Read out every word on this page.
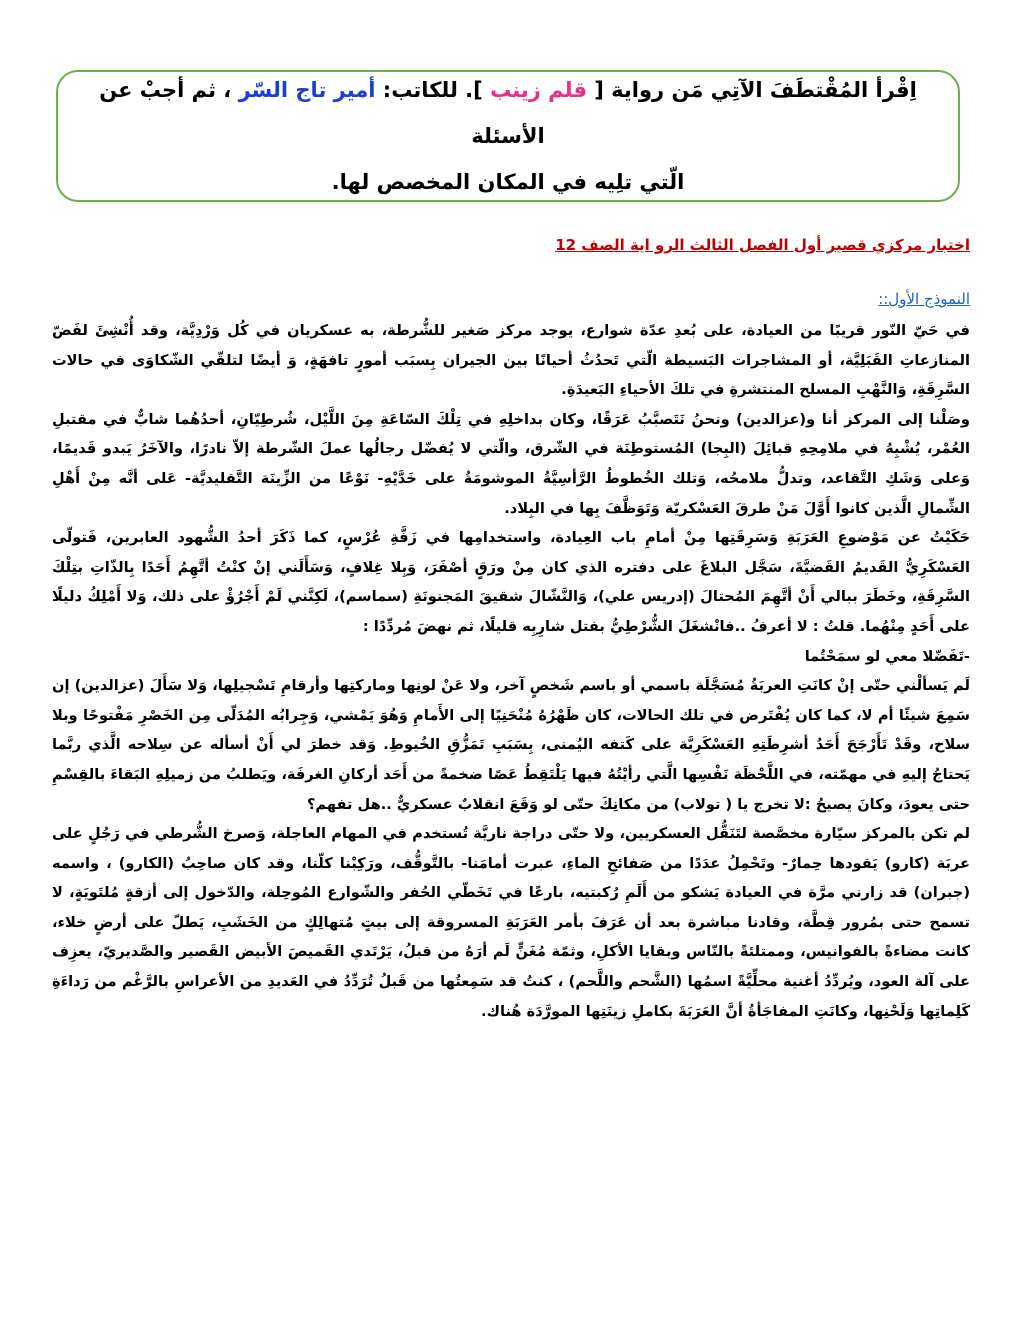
اِقْرأ المُقْتطَفَ الآتِي مَن رواية [ قلم زينب ]. للكاتب: أمير تاج السّر ، ثم أجبْ عن الأسئلة
الّتي تلِيه في المكان المخصص لها.
اختبار مركزي قصير أول الفصل الثالث الرو اية الصف 12
النموذج الأول::

في حَيّ النّور قريبًا من العيادة، على بُعدِ عدّة شوارع، يوجد مركز صَغير للشُّرطة، به عسكريان في كُل وَرْدِيَّة، وقد أُنْشِئَ لفَضّ المنازعاتِ القَبَلِيَّة، أو المشاجرات البَسيطة الّتي تَحدُثُ أحيانًا بين الجيران بِسبَب أمورٍ تافهَةٍ، وَ أيضًا لتلقّي الشّكاوَى في حالات السَّرِقَةِ، وَالنَّهْبِ المسلح المنتشرةِ في تلكَ الأحياءِ البَعيدَةِ.

وصَلْنا إلى المركز أنا و(عزالدين) ونحنُ نَتَصبَّبُ عَرَقًا، وكان بداخلِهِ في تِلْكَ السّاعَةِ مِنَ اللَّيْل، شُرطِيّانِ، أحدُهُما شابٌّ في مقتبلِ العُمْر، يُشْبِهُ في ملامِحِهِ قبائِلَ (البِجا) المُستوطِنَة في الشّرق، والّتي لا يُفضّل رجالُها عملَ الشّرطة إلاّ نادرًا، والآخَرُ يَبدو قَديمًا، وَعلى وَشَكِ التَّقاعد، وتدلُّ ملامحُه، وَتلك الخُطوطُ الرَّأسِيَّةُ الموشومَةُ على خَدَّيْهِ- نَوْعًا من الزِّينَة التَّقليديَّة- عَلى أنَّه مِنْ أَهْلِ الشِّمالِ الَّذين كانوا أَوَّلَ مَنْ طرقَ العَسْكريّة وَتَوَظَّفَ بِها في البِلاد.

حَكَيْتُ عن مَوْضوعِ العَرَبَةِ وَسَرِقَتِها مِنْ أمامِ باب العِيادة، واستخدامِها في زَفَّةِ عُرْسٍ، كما ذَكَرَ أحدُ الشُّهود العابرين، فَتولّى العَسْكَرِيُّ القَديمُ القَضيَّةَ، سَجَّل البلاغَ على دفتره الذي كان مِنْ ورَقٍ أصْفَرَ، وَبِلا غِلافٍ، وَسَأَلَني إنْ كنْتُ أتَّهِمُ أَحَدًا بِالذّاتِ بتِلْكَ السَّرِقَةِ، وخَطَرَ ببالي أَنْ أتَّهِمَ المُحتالَ (إدريس علي)، وَالنَّشّالَ شقيقَ المَجنونَةِ (سماسم)، لَكِنَّني لَمْ أَجْرُؤْ على ذلك، وَلا أَمْلِكُ دليلًا على أَحَدٍ مِنْهُما. قلتُ : لا أعرفُ ..فانْشغَلَ الشُّرْطِيُّ بفتل شارِبِه قليلًا، ثم نهضَ مُردِّدًا :

-تَفَضّلا معي لو سمَحْتُما

لَم يَسألْني حتّى إنْ كانَتِ العربَةُ مُسَجَّلَة باسمي أو باسم شَخصٍ آخر، ولا عَنْ لونِها وماركتِها وأرقامِ تَسْجيلِها، وَلا سَأَلَ (عزالدين) إن سَمِعَ شيئًا أم لا، كما كان يُفْتَرض في تلك الحالات، كان ظَهْرُهُ مُنْحَنِيًا إلى الأَمامِ وَهُوَ يَمْشي، وَجِرابُه المُدَلّى مِن الخَصْرِ مَفْتوحًا وبلا سلاح، وقَدْ تَأَرْجَحَ أَحَدُ أشرِطَتِهِ العَسْكَرِيَّة على كَتفه اليُمنى، بِسَبَبِ تَمَزُّقِ الخُيوطِ. وَقد خطرَ لي أَنْ أسأله عن سِلاحه الَّذي ربَّما يَحتاجُ إليهِ في مهمّته، في اللَّحْظَة نَفْسِها الَّتي رأيْتُهُ فيها يَلْتَقِطُ عَصًا ضخمةً من أَحَد أركانِ الغرفَة، ويَطلبُ من زميلِهِ البَقاءَ بالقِسْمِ حتى يعودَ، وكانَ يصيحُ :لا تخرج يا ( تولاب) من مكانِكَ حتّى لو وَقَعَ انقلابٌ عسكريٌّ ..هل تفهم؟

لم تكن بالمركز سيّارة مخصَّصة لتَنَقُّل العسكريين، ولا حتّى دراجة ناريَّة تُستخدم في المهام العاجلة، وَصرخ الشُّرطي في رَجُلٍ على عربَة (كارو) يَقودها حِمارٌ- وتَحْمِلُ عدَدًا من صَفائحِ الماءِ، عبرت أمامَنا- بالتَّوقُّف، ورَكِبْنا كلّنا، وقد كان صاحِبُ (الكارو) ، واسمه (جبران) قد زارني مرَّة في العيادة يَشكو من أَلَمِ رُكبتيه، بارعًا في تَخَطّي الحُفر والشّوارع المُوحِلة، والدّخول إلى أزقةٍ مُلتَويَةٍ، لا تسمح حتى بمُرور قِطَّة، وقادنا مباشرة بعد أن عَرَفَ بأمر العَرَبَةِ المسروقة إلى بيتٍ مُتهالِكٍ من الخَشَبِ، يَطلّ على أرضٍ خلاء، كانت مضاءةً بالفوانيس، وممتلئةً بالنّاس وبقايا الأكلِ، وثمّة مُغَنٍّ لَم أرَهُ من قبلُ، يَرْتَدي القَميصَ الأبيض القَصير والصَّديريّ، يعزِف على آلة العود، ويُردِّدُ أغنية محلِّيَّةً اسمُها (الشَّحم واللَّحم) ، كنتُ قد سَمِعتُها من قَبلُ تُرَدِّدُ في العَديدِ من الأعراسِ بالرَّغْم من رَداءَةِ كَلِماتِها وَلَحْنِها، وكانَتِ المفاجَأةُ أنَّ العَرَبَةَ بكاملِ زينَتِها المورَّدَة هُناك.
